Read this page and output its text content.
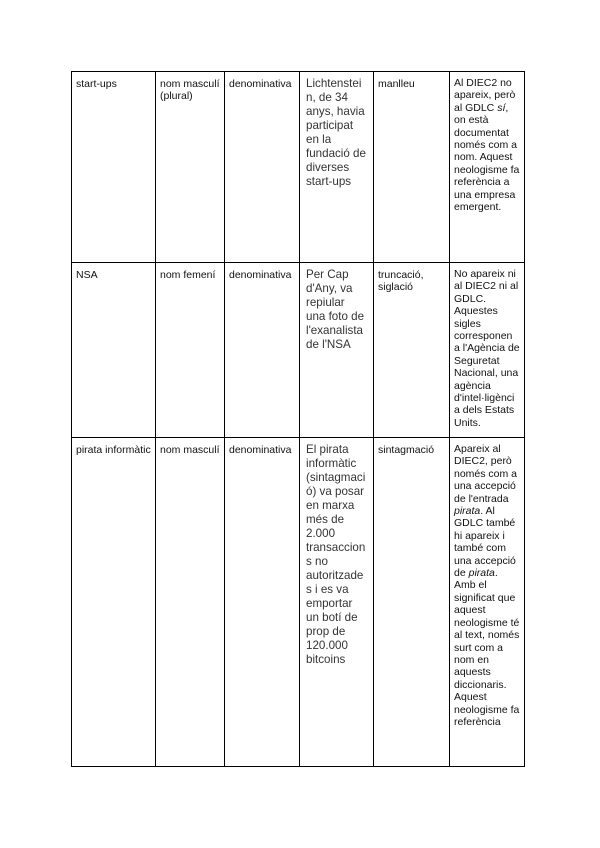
start-ups	nom masculí (plural)	denominativa	Lichtenstein, de 34 anys, havia participat en la fundació de diverses start-ups	manlleu	Al DIEC2 no apareix, però al GDLC sí, on està documentat només com a nom. Aquest neologisme fa referència a una empresa emergent.
NSA	nom femení	denominativa	Per Cap d'Any, va repiular una foto de l'exanalista de l'NSA	truncació, siglació	No apareix ni al DIEC2 ni al GDLC. Aquestes sigles corresponen a l'Agència de Seguretat Nacional, una agència d'intel·ligència dels Estats Units.
pirata informàtic	nom masculí	denominativa	El pirata informàtic (sintagmació) va posar en marxa més de 2.000 transaccions no autoritzades i es va emportar un botí de prop de 120.000 bitcoins	sintagmació	Apareix al DIEC2, però només com a una accepció de l'entrada pirata. Al GDLC també hi apareix i també com una accepció de pirata. Amb el significat que aquest neologisme té al text, només surt com a nom en aquests diccionaris. Aquest neologisme fa referència
